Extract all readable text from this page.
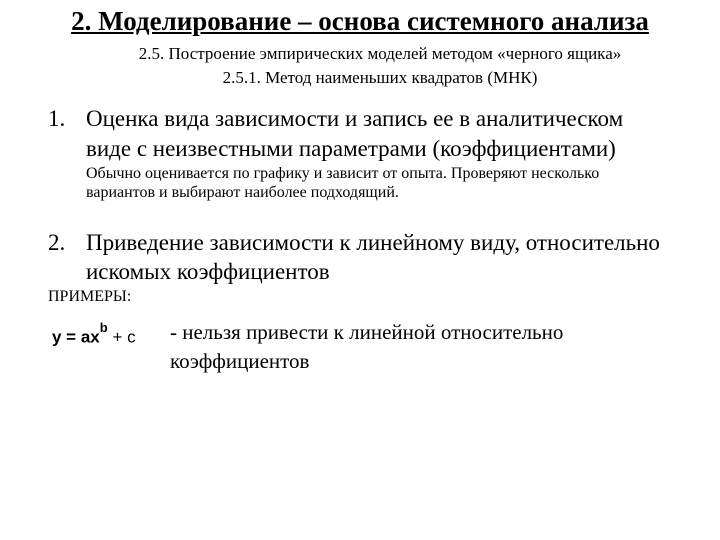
2. Моделирование – основа системного анализа
2.5. Построение эмпирических моделей методом «черного ящика»
2.5.1. Метод наименьших квадратов (МНК)
1. Оценка вида зависимости и запись ее в аналитическом
виде с неизвестными параметрами (коэффициентами)
Обычно оценивается по графику и зависит от опыта. Проверяют несколько
вариантов и выбирают наиболее подходящий.
2. Приведение зависимости к линейному виду, относительно
искомых коэффициентов
ПРИМЕРЫ:
$y = ax^b + c$ - нельзя привести к линейной относительно
коэффициентов
